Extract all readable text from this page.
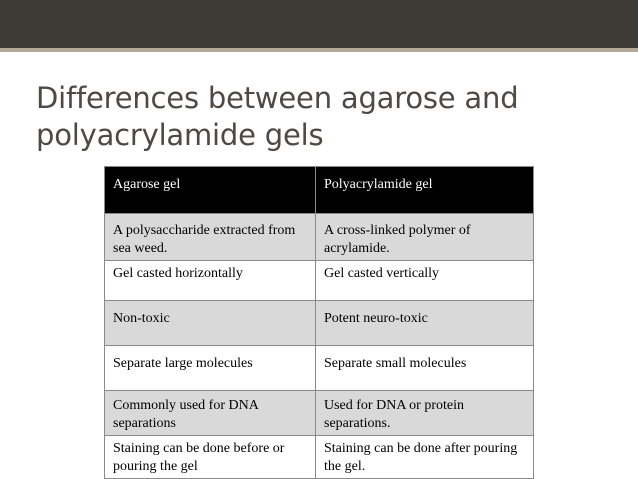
Differences between agarose and
polyacrylamide gels
Agarose gel	Polyacrylamide gel
A polysaccharide extracted from sea weed.	A cross-linked polymer of acrylamide.
Gel casted horizontally	Gel casted vertically
Non-toxic	Potent neuro-toxic
Separate large molecules	Separate small molecules
Commonly used for DNA separations	Used for DNA or protein separations.
Staining can be done before or pouring the gel	Staining can be done after pouring the gel.
